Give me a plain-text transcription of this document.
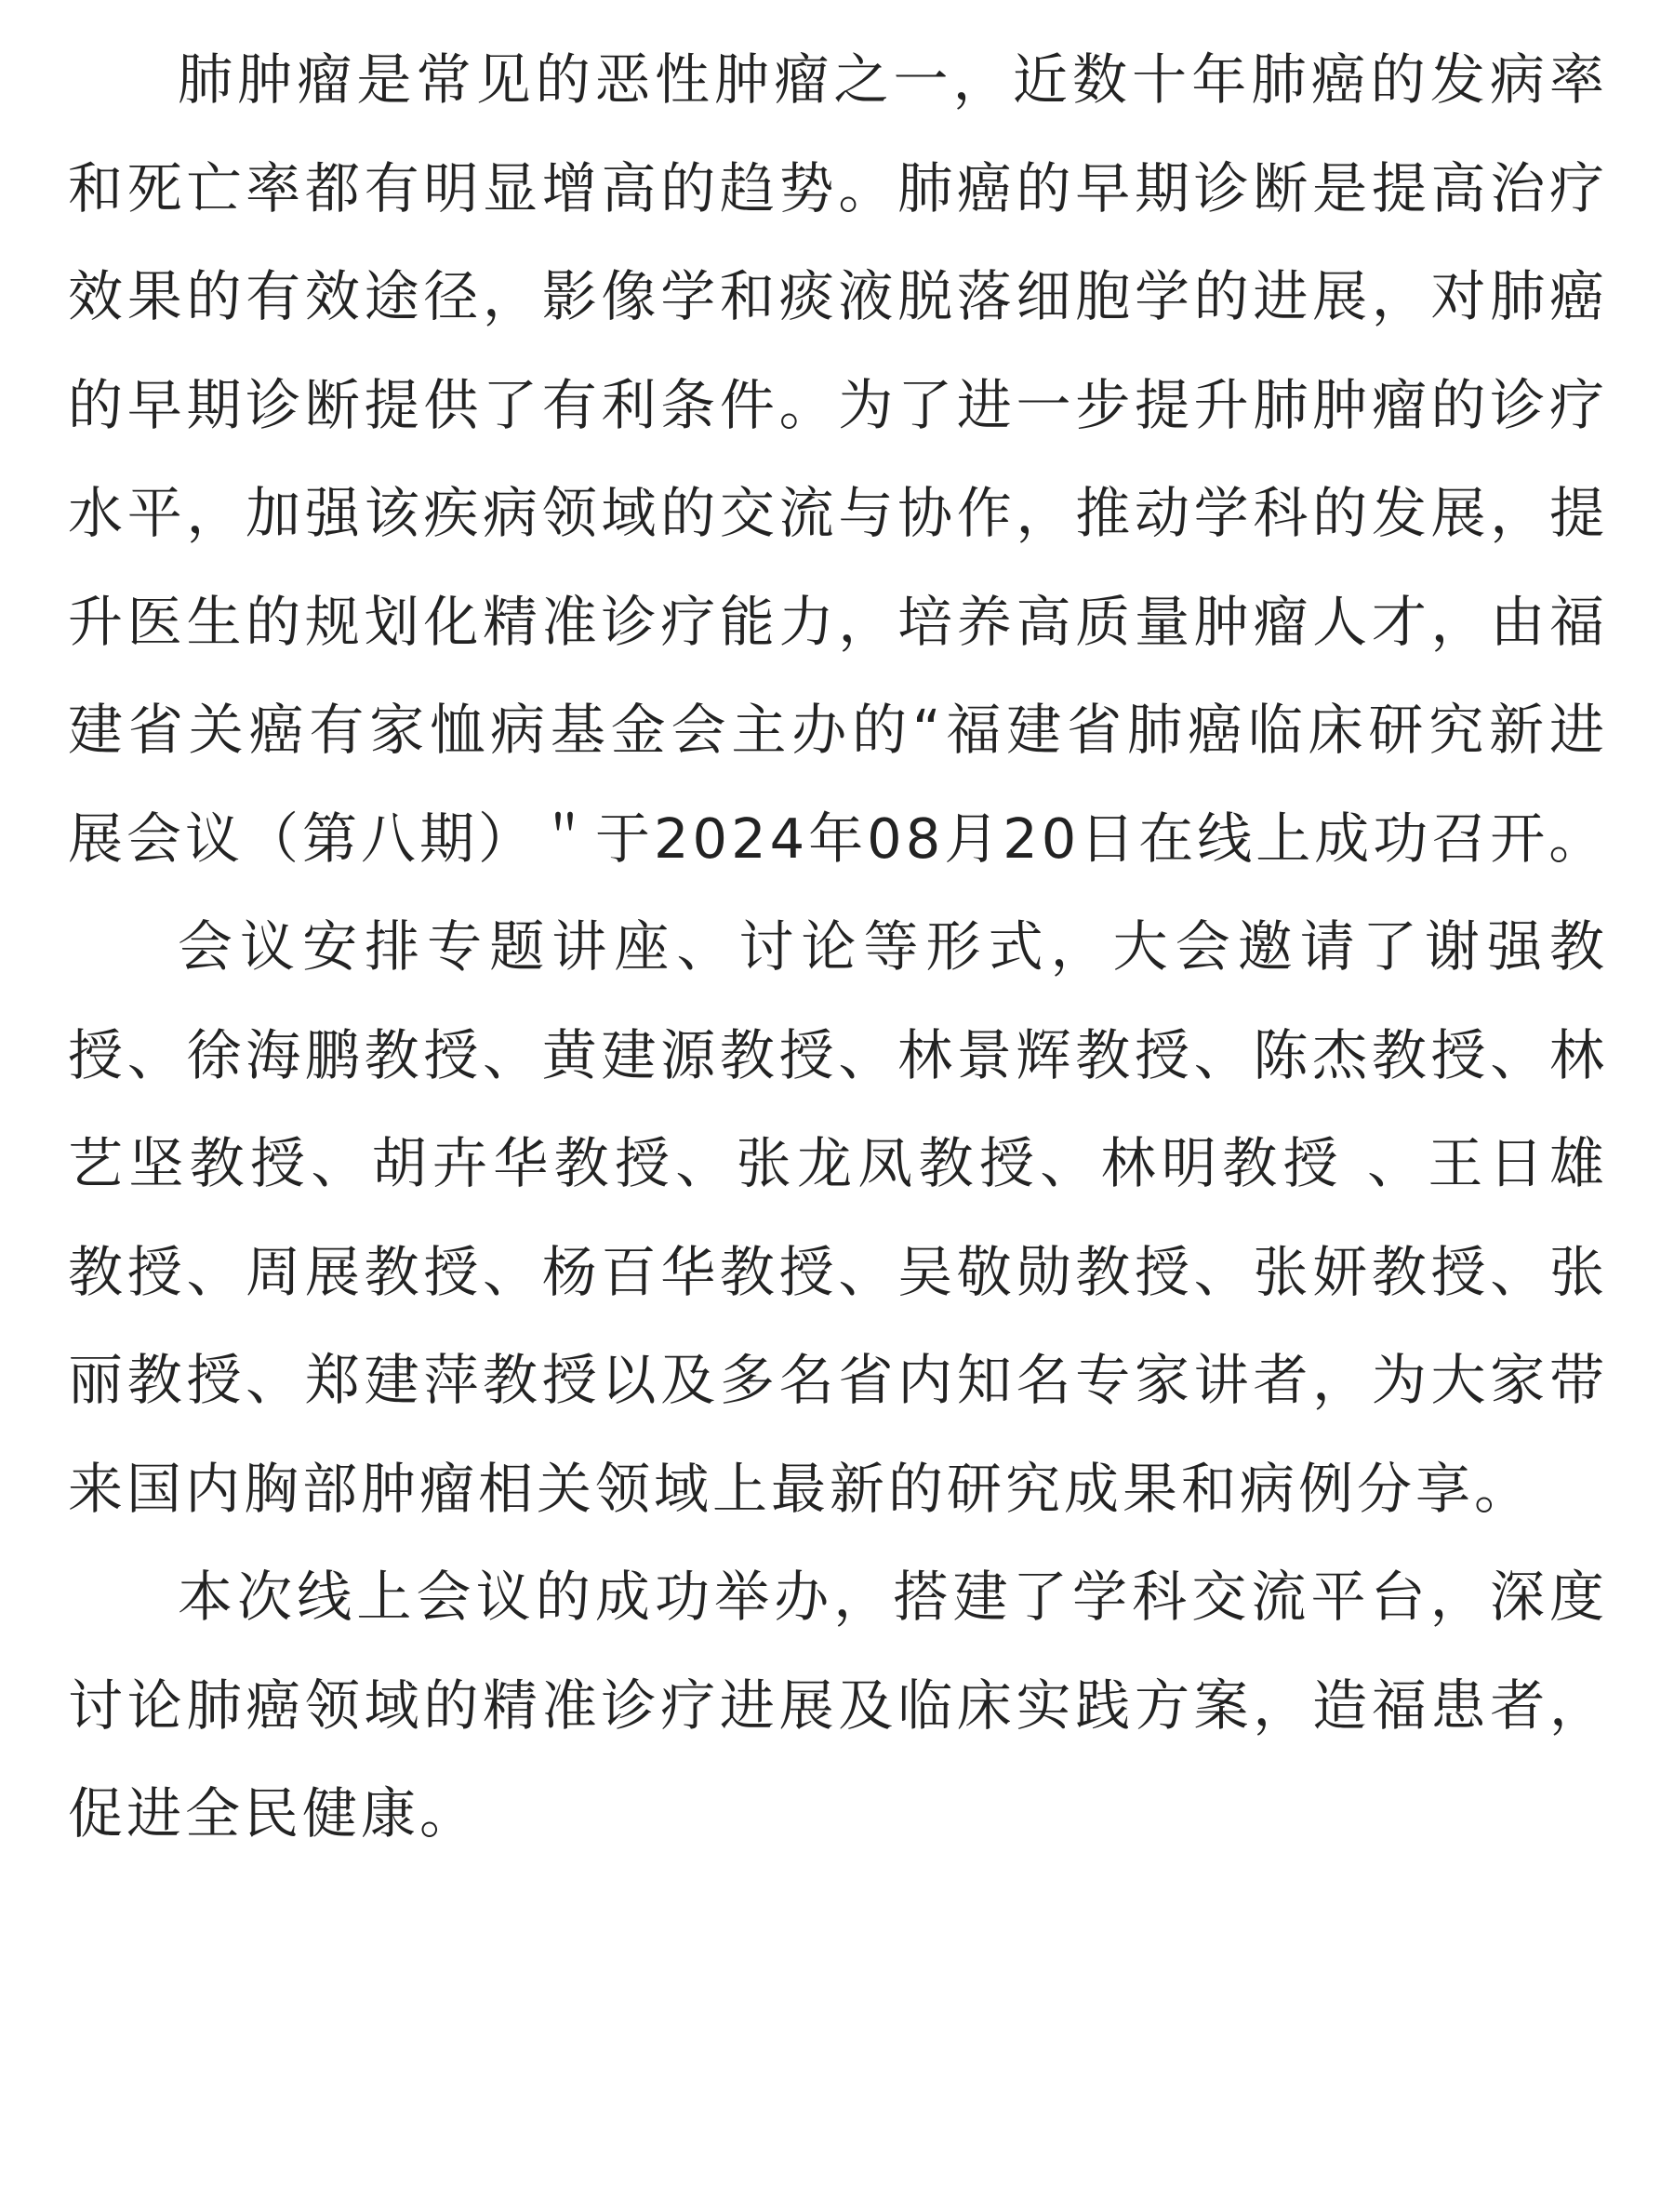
肺肿瘤是常见的恶性肿瘤之一，近数十年肺癌的发病率和死亡率都有明显增高的趋势。肺癌的早期诊断是提高治疗效果的有效途径，影像学和痰液脱落细胞学的进展，对肺癌的早期诊断提供了有利条件。为了进一步提升肺肿瘤的诊疗水平，加强该疾病领域的交流与协作，推动学科的发展，提升医生的规划化精准诊疗能力，培养高质量肿瘤人才，由福建省关癌有家恤病基金会主办的“福建省肺癌临床研究新进展会议（第八期）＂于2024年08月20日在线上成功召开。

会议安排专题讲座、讨论等形式，大会邀请了谢强教授、徐海鹏教授、黄建源教授、林景辉教授、陈杰教授、林艺坚教授、胡卉华教授、张龙凤教授、林明教授 、王日雄教授、周展教授、杨百华教授、吴敬勋教授、张妍教授、张丽教授、郑建萍教授以及多名省内知名专家讲者，为大家带来国内胸部肿瘤相关领域上最新的研究成果和病例分享。

本次线上会议的成功举办，搭建了学科交流平台，深度讨论肺癌领域的精准诊疗进展及临床实践方案，造福患者，促进全民健康。
